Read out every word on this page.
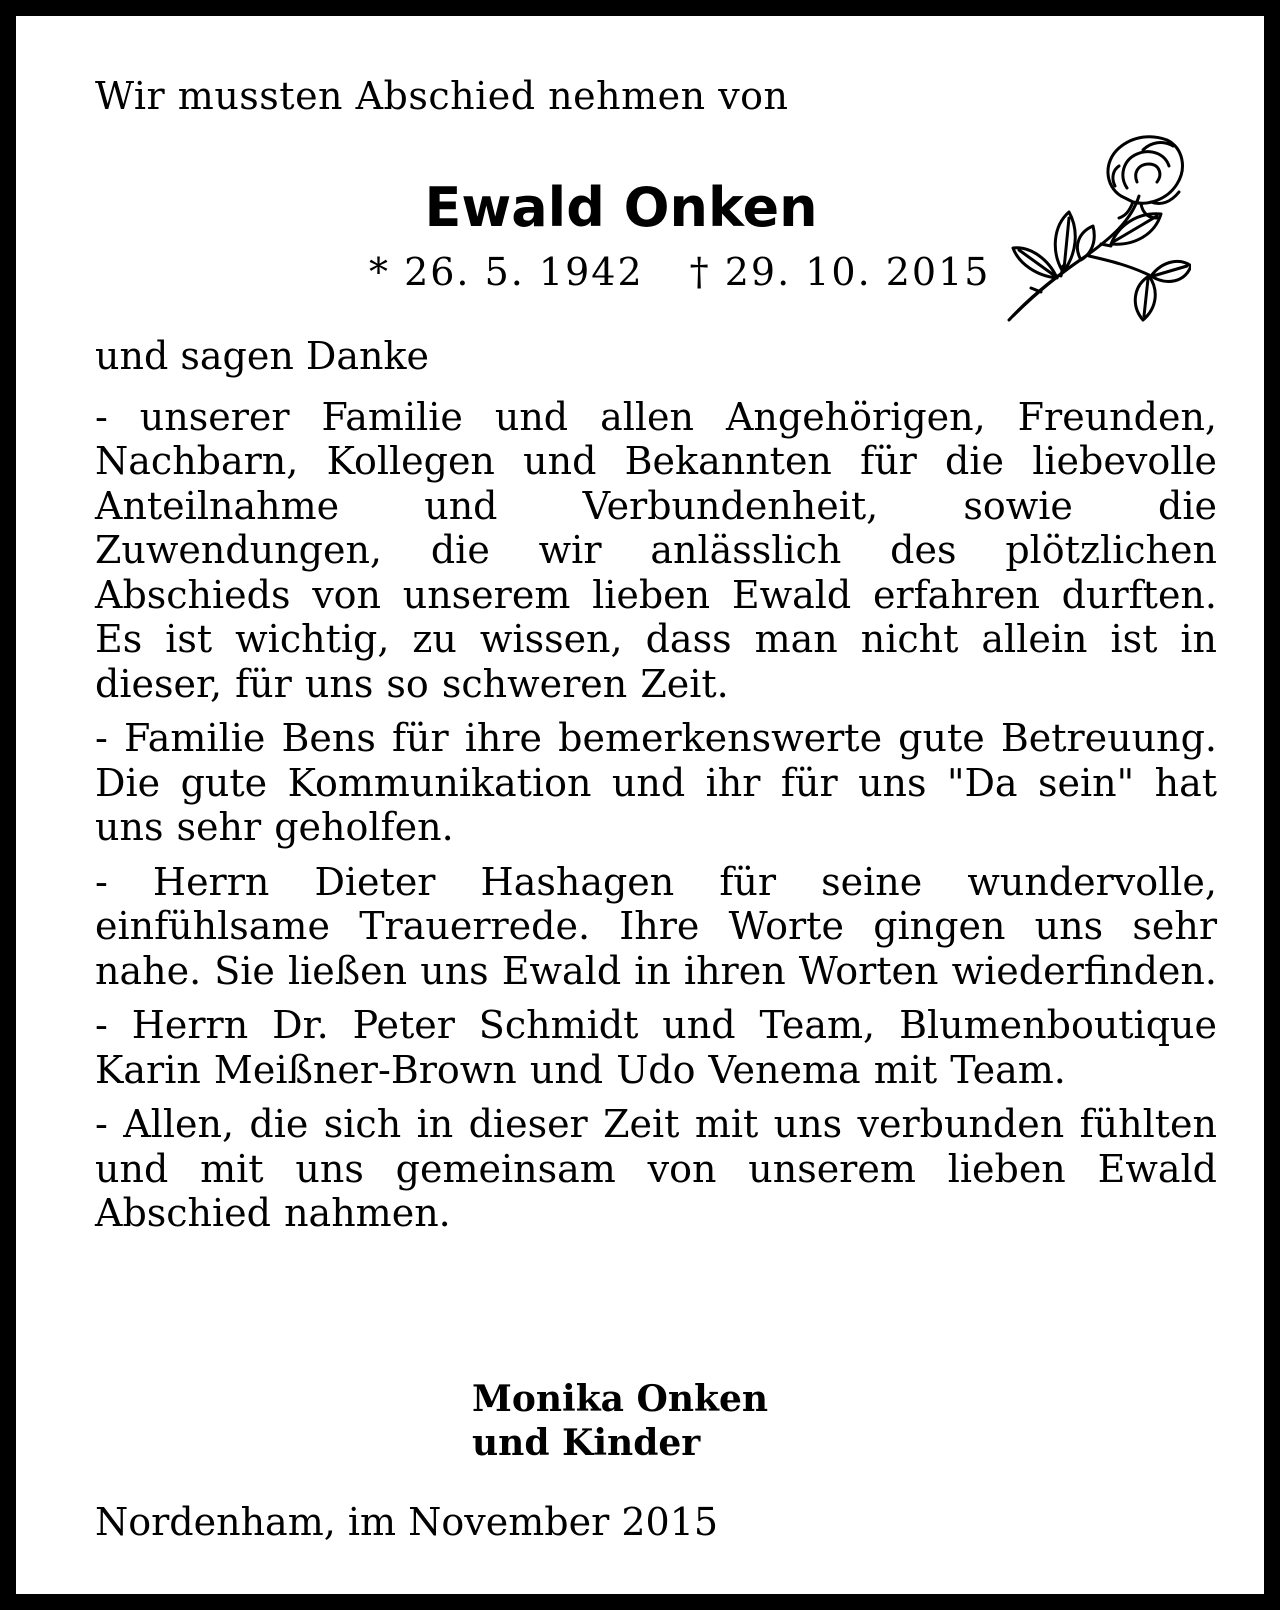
Wir mussten Abschied nehmen von

Ewald Onken
* 26. 5. 1942 † 29. 10. 2015

und sagen Danke

- unserer Familie und allen Angehörigen, Freunden, Nachbarn, Kollegen und Bekannten für die liebevolle Anteilnahme und Verbundenheit, sowie die Zuwendungen, die wir anlässlich des plötzlichen Abschieds von unserem lieben Ewald erfahren durften. Es ist wichtig, zu wissen, dass man nicht allein ist in dieser, für uns so schweren Zeit.

- Familie Bens für ihre bemerkenswerte gute Betreuung. Die gute Kommunikation und ihr für uns "Da sein" hat uns sehr geholfen.

- Herrn Dieter Hashagen für seine wundervolle, einfühlsame Trauerrede. Ihre Worte gingen uns sehr nahe. Sie ließen uns Ewald in ihren Worten wiederfinden.

- Herrn Dr. Peter Schmidt und Team, Blumenboutique Karin Meißner-Brown und Udo Venema mit Team.

- Allen, die sich in dieser Zeit mit uns verbunden fühlten und mit uns gemeinsam von unserem lieben Ewald Abschied nahmen.

Monika Onken
und Kinder
Nordenham, im November 2015
